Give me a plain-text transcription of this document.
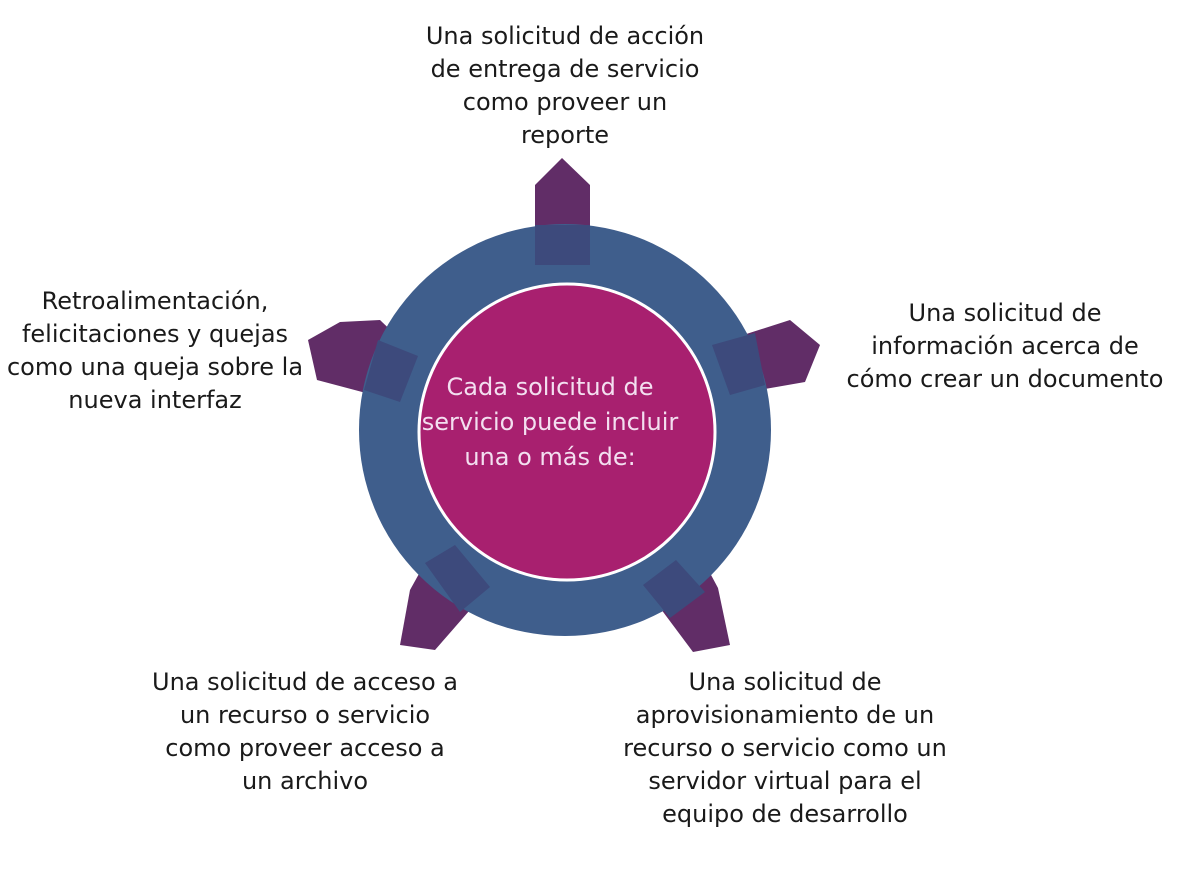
Cada solicitud de servicio puede incluir una o más de:

Una solicitud de acción de entrega de servicio como proveer un reporte

Una solicitud de información acerca de cómo crear un documento

Una solicitud de aprovisionamiento de un recurso o servicio como un servidor virtual para el equipo de desarrollo

Una solicitud de acceso a un recurso o servicio como proveer acceso a un archivo

Retroalimentación, felicitaciones y quejas como una queja sobre la nueva interfaz
